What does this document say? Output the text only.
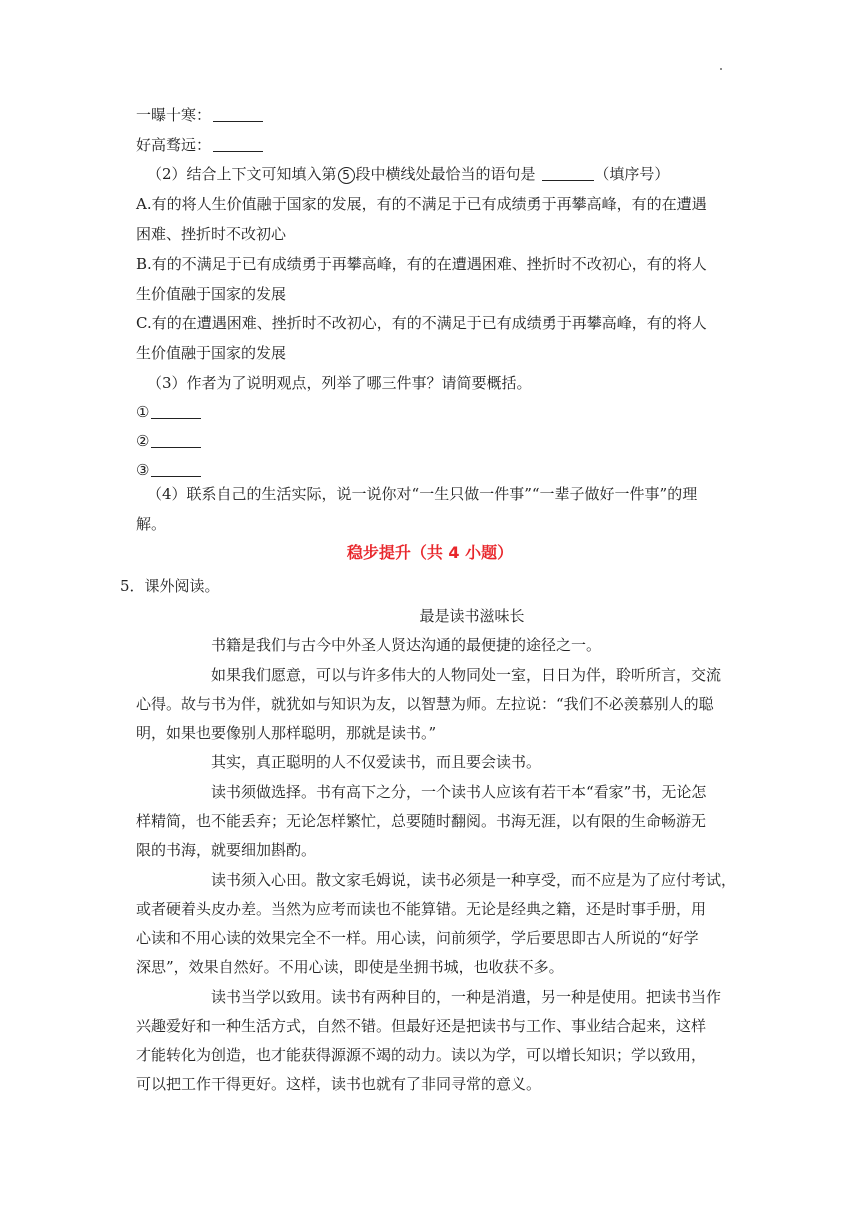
一曝十寒：
好高骛远：
（2）结合上下文可知填入第 5 段中横线处最恰当的语句是	（填序号）
A.有的将人生价值融于国家的发展，有的不满足于已有成绩勇于再攀高峰，有的在遭遇
困难、挫折时不改初心
B.有的不满足于已有成绩勇于再攀高峰，有的在遭遇困难、挫折时不改初心，有的将人
生价值融于国家的发展
C.有的在遭遇困难、挫折时不改初心，有的不满足于已有成绩勇于再攀高峰，有的将人
生价值融于国家的发展
（3）作者为了说明观点，列举了哪三件事？请简要概括。
①
②
③
（4）联系自己的生活实际，说一说你对“一生只做一件事”“一辈子做好一件事”的理
解。
稳步提升（共 4 小题）
5．课外阅读。
最是读书滋味长
书籍是我们与古今中外圣人贤达沟通的最便捷的途径之一。
如果我们愿意，可以与许多伟大的人物同处一室，日日为伴，聆听所言，交流
心得。故与书为伴，就犹如与知识为友，以智慧为师。左拉说：“我们不必羡慕别人的聪
明，如果也要像别人那样聪明，那就是读书。”
其实，真正聪明的人不仅爱读书，而且要会读书。
读书须做选择。书有高下之分，一个读书人应该有若干本“看家”书，无论怎
样精简，也不能丢弃；无论怎样繁忙，总要随时翻阅。书海无涯，以有限的生命畅游无
限的书海，就要细加斟酌。
读书须入心田。散文家毛姆说，读书必须是一种享受，而不应是为了应付考试，
或者硬着头皮办差。当然为应考而读也不能算错。无论是经典之籍，还是时事手册，用
心读和不用心读的效果完全不一样。用心读，问前须学，学后要思即古人所说的“好学
深思”，效果自然好。不用心读，即使是坐拥书城，也收获不多。
读书当学以致用。读书有两种目的，一种是消遣，另一种是使用。把读书当作
兴趣爱好和一种生活方式，自然不错。但最好还是把读书与工作、事业结合起来，这样
才能转化为创造，也才能获得源源不竭的动力。读以为学，可以增长知识；学以致用，
可以把工作干得更好。这样，读书也就有了非同寻常的意义。
